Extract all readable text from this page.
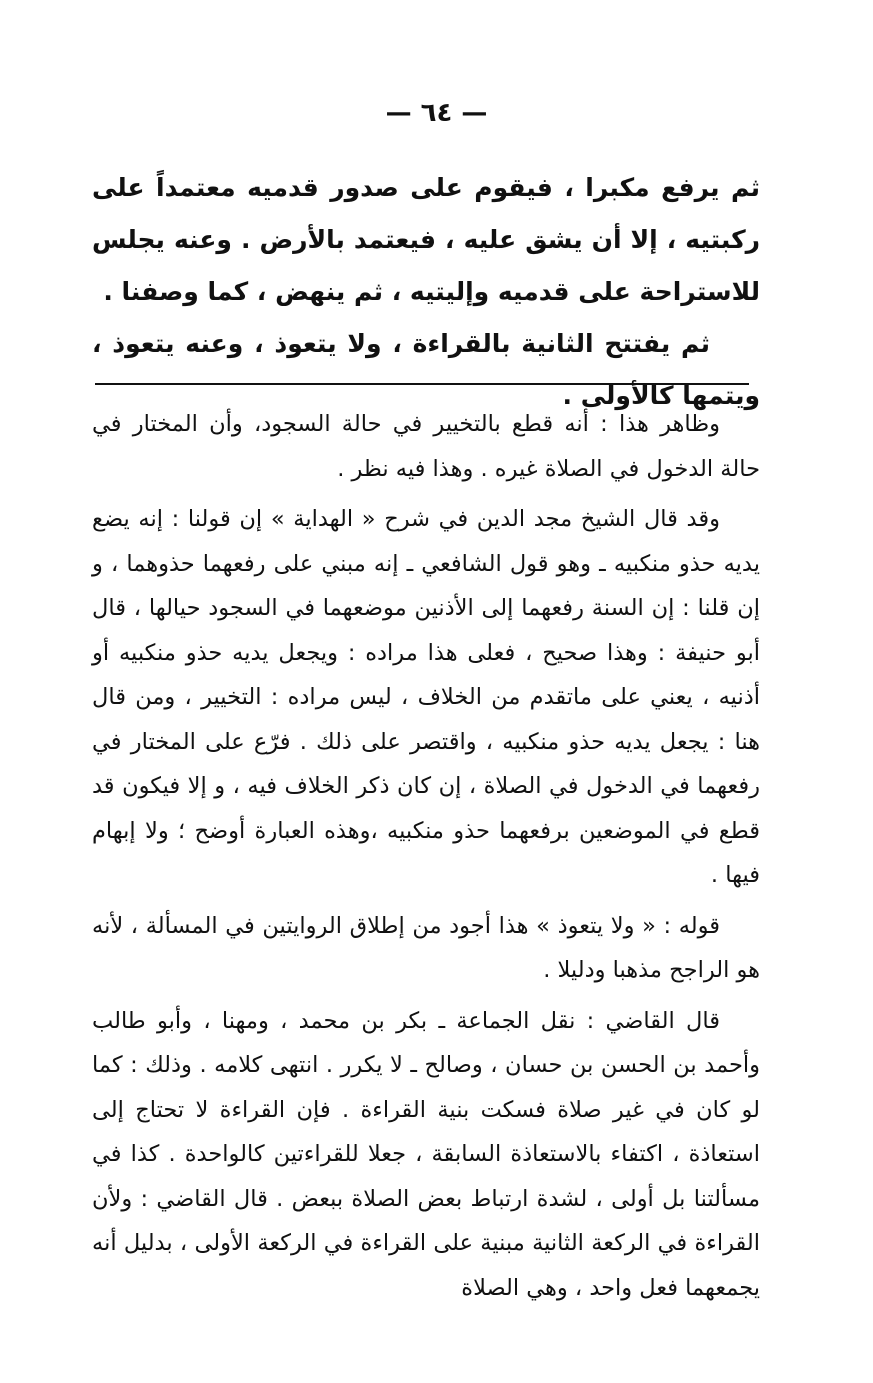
— ٦٤ —

ثم يرفع مكبرا ، فيقوم على صدور قدميه معتمداً على ركبتيه ، إلا أن يشق عليه ، فيعتمد بالأرض . وعنه يجلس للاستراحة على قدميه وإليتيه ، ثم ينهض ، كما وصفنا .

ثم يفتتح الثانية بالقراءة ، ولا يتعوذ ، وعنه يتعوذ ، ويتمها كالأولى .

وظاهر هذا : أنه قطع بالتخيير في حالة السجود، وأن المختار في حالة الدخول في الصلاة غيره . وهذا فيه نظر .

وقد قال الشيخ مجد الدين في شرح « الهداية » إن قولنا : إنه يضع يديه حذو منكبيه ـ وهو قول الشافعي ـ إنه مبني على رفعهما حذوهما ، و إن قلنا : إن السنة رفعهما إلى الأذنين موضعهما في السجود حيالها ، قال أبو حنيفة : وهذا صحيح ، فعلى هذا مراده : ويجعل يديه حذو منكبيه أو أذنيه ، يعني على ماتقدم من الخلاف ، ليس مراده : التخيير ، ومن قال هنا : يجعل يديه حذو منكبيه ، واقتصر على ذلك . فرّع على المختار في رفعهما في الدخول في الصلاة ، إن كان ذكر الخلاف فيه ، و إلا فيكون قد قطع في الموضعين برفعهما حذو منكبيه ،وهذه العبارة أوضح ؛ ولا إبهام فيها .

قوله : « ولا يتعوذ » هذا أجود من إطلاق الروايتين في المسألة ، لأنه هو الراجح مذهبا ودليلا .

قال القاضي : نقل الجماعة ـ بكر بن محمد ، ومهنا ، وأبو طالب وأحمد بن الحسن بن حسان ، وصالح ـ لا يكرر . انتهى كلامه . وذلك : كما لو كان في غير صلاة فسكت بنية القراءة . فإن القراءة لا تحتاج إلى استعاذة ، اكتفاء بالاستعاذة السابقة ، جعلا للقراءتين كالواحدة . كذا في مسألتنا بل أولى ، لشدة ارتباط بعض الصلاة ببعض . قال القاضي : ولأن القراءة في الركعة الثانية مبنية على القراءة في الركعة الأولى ، بدليل أنه يجمعهما فعل واحد ، وهي الصلاة
